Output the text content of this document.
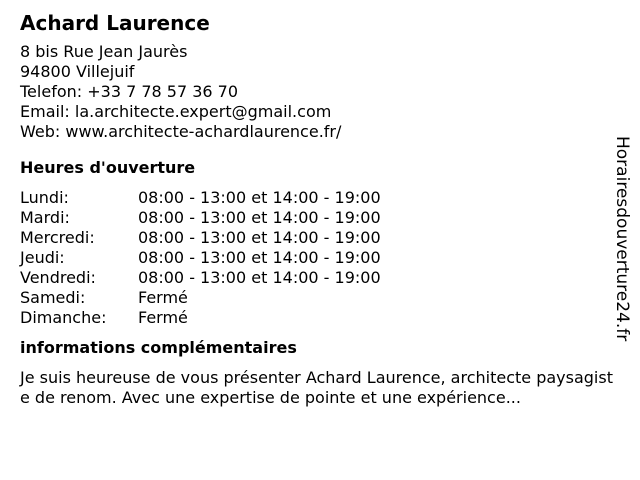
Achard Laurence
8 bis Rue Jean Jaurès
94800 Villejuif
Telefon: +33 7 78 57 36 70
Email: la.architecte.expert@gmail.com
Web: www.architecte-achardlaurence.fr/
Heures d'ouverture
Lundi:	08:00 - 13:00 et 14:00 - 19:00
Mardi:	08:00 - 13:00 et 14:00 - 19:00
Mercredi:	08:00 - 13:00 et 14:00 - 19:00
Jeudi:	08:00 - 13:00 et 14:00 - 19:00
Vendredi:	08:00 - 13:00 et 14:00 - 19:00
Samedi:	Fermé
Dimanche:	Fermé
informations complémentaires
Je suis heureuse de vous présenter Achard Laurence, architecte paysagiste de renom. Avec une expertise de pointe et une expérience...
Horairesdouverture24.fr
